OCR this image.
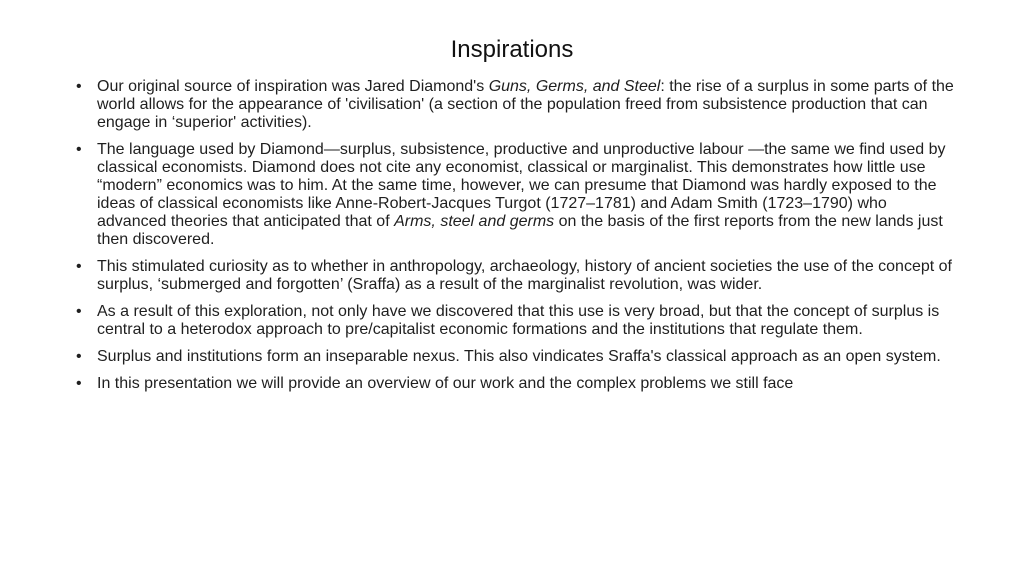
Inspirations
• Our original source of inspiration was Jared Diamond's Guns, Germs, and Steel: the rise of a surplus in some parts of the world allows for the appearance of 'civilisation' (a section of the population freed from subsistence production that can engage in ‘superior' activities).
• The language used by Diamond—surplus, subsistence, productive and unproductive labour —the same we find used by classical economists. Diamond does not cite any economist, classical or marginalist. This demonstrates how little use “modern” economics was to him. At the same time, however, we can presume that Diamond was hardly exposed to the ideas of classical economists like Anne-Robert-Jacques Turgot (1727–1781) and Adam Smith (1723–1790) who advanced theories that anticipated that of Arms, steel and germs on the basis of the first reports from the new lands just then discovered.
• This stimulated curiosity as to whether in anthropology, archaeology, history of ancient societies the use of the concept of surplus, ‘submerged and forgotten’ (Sraffa) as a result of the marginalist revolution, was wider.
• As a result of this exploration, not only have we discovered that this use is very broad, but that the concept of surplus is central to a heterodox approach to pre/capitalist economic formations and the institutions that regulate them.
• Surplus and institutions form an inseparable nexus. This also vindicates Sraffa's classical approach as an open system.
• In this presentation we will provide an overview of our work and the complex problems we still face
